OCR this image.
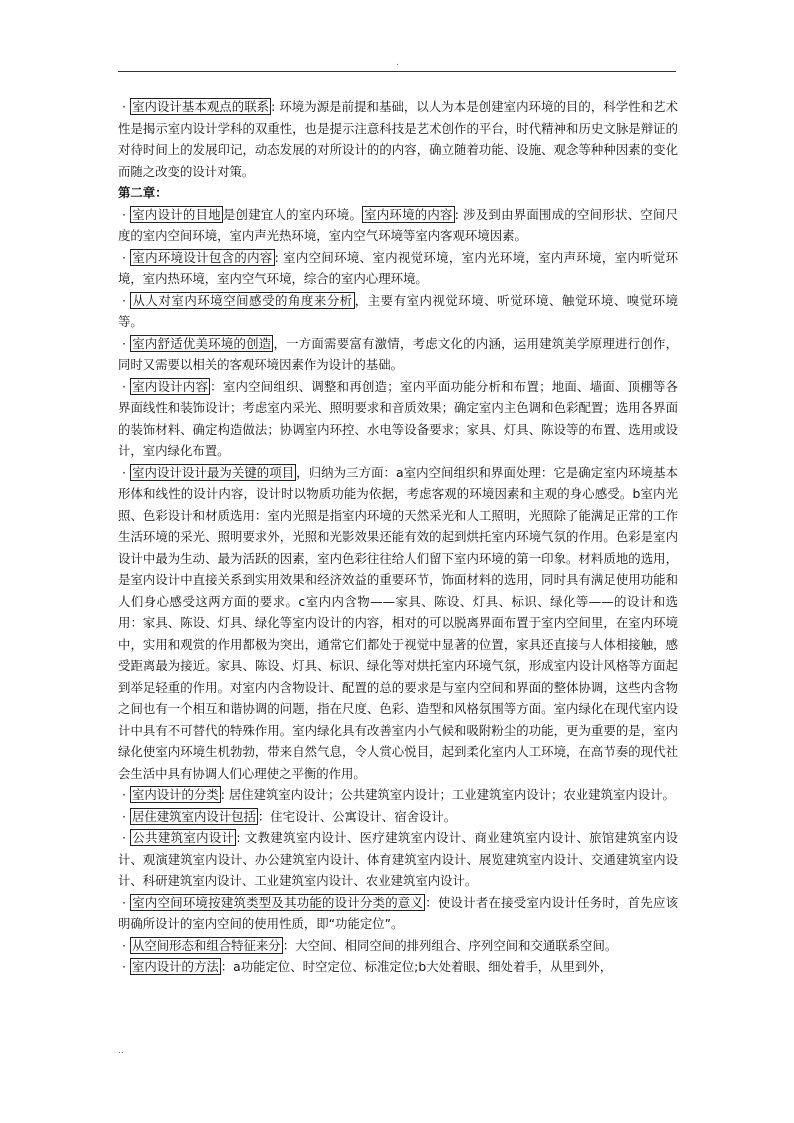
.

· 室内设计基本观点的联系 : 环境为源是前提和基础，以人为本是创建室内环境的目的，科学性和艺术性是揭示室内设计学科的双重性，也是提示注意科技是艺术创作的平台，时代精神和历史文脉是辩证的对待时间上的发展印记，动态发展的对所设计的的内容，确立随着功能、设施、观念等种种因素的变化而随之改变的设计对策。

第二章：

· 室内设计的目地 是创建宜人的室内环境。 室内环境的内容 : 涉及到由界面围成的空间形状、空间尺度的室内空间环境，室内声光热环境，室内空气环境等室内客观环境因素。

· 室内环境设计包含的内容 : 室内空间环境、室内视觉环境，室内光环境，室内声环境，室内听觉环境，室内热环境，室内空气环境，综合的室内心理环境。

· 从人对室内环境空间感受的角度来分析 ，主要有室内视觉环境、听觉环境、触觉环境、嗅觉环境等。

· 室内舒适优美环境的创造 ，一方面需要富有激情，考虑文化的内涵，运用建筑美学原理进行创作，同时又需要以相关的客观环境因素作为设计的基础。

· 室内设计内容 ：室内空间组织、调整和再创造；室内平面功能分析和布置；地面、墙面、顶棚等各界面线性和装饰设计；考虑室内采光、照明要求和音质效果；确定室内主色调和色彩配置；选用各界面的装饰材料、确定构造做法；协调室内环控、水电等设备要求；家具、灯具、陈设等的布置、选用或设计，室内绿化布置。

· 室内设计设计最为关键的项目 ，归纳为三方面：a室内空间组织和界面处理：它是确定室内环境基本形体和线性的设计内容，设计时以物质功能为依据，考虑客观的环境因素和主观的身心感受。b室内光照、色彩设计和材质选用：室内光照是指室内环境的天然采光和人工照明，光照除了能满足正常的工作生活环境的采光、照明要求外，光照和光影效果还能有效的起到烘托室内环境气氛的作用。色彩是室内设计中最为生动、最为活跃的因素，室内色彩往往给人们留下室内环境的第一印象。材料质地的选用，是室内设计中直接关系到实用效果和经济效益的重要环节，饰面材料的选用，同时具有满足使用功能和人们身心感受这两方面的要求。c室内内含物——家具、陈设、灯具、标识、绿化等——的设计和选用：家具、陈设、灯具、绿化等室内设计的内容，相对的可以脱离界面布置于室内空间里，在室内环境中，实用和观赏的作用都极为突出，通常它们都处于视觉中显著的位置，家具还直接与人体相接触，感受距离最为接近。家具、陈设、灯具、标识、绿化等对烘托室内环境气氛，形成室内设计风格等方面起到举足轻重的作用。对室内内含物设计、配置的总的要求是与室内空间和界面的整体协调，这些内含物之间也有一个相互和谐协调的问题，指在尺度、色彩、造型和风格氛围等方面。室内绿化在现代室内设计中具有不可替代的特殊作用。室内绿化具有改善室内小气候和吸附粉尘的功能，更为重要的是，室内绿化使室内环境生机勃勃，带来自然气息，令人赏心悦目，起到柔化室内人工环境，在高节奏的现代社会生活中具有协调人们心理使之平衡的作用。

· 室内设计的分类 : 居住建筑室内设计；公共建筑室内设计；工业建筑室内设计；农业建筑室内设计。

· 居住建筑室内设计包括 ：住宅设计、公寓设计、宿舍设计。

· 公共建筑室内设计 : 文教建筑室内设计、医疗建筑室内设计、商业建筑室内设计、旅馆建筑室内设计、观演建筑室内设计、办公建筑室内设计、体育建筑室内设计、展览建筑室内设计、交通建筑室内设计、科研建筑室内设计、工业建筑室内设计、农业建筑室内设计。

· 室内空间环境按建筑类型及其功能的设计分类的意义 ：使设计者在接受室内设计任务时，首先应该明确所设计的室内空间的使用性质，即“功能定位”。

· 从空间形态和组合特征来分 ：大空间、相同空间的排列组合、序列空间和交通联系空间。

· 室内设计的方法 ：a功能定位、时空定位、标准定位;b大处着眼、细处着手，从里到外，

..
